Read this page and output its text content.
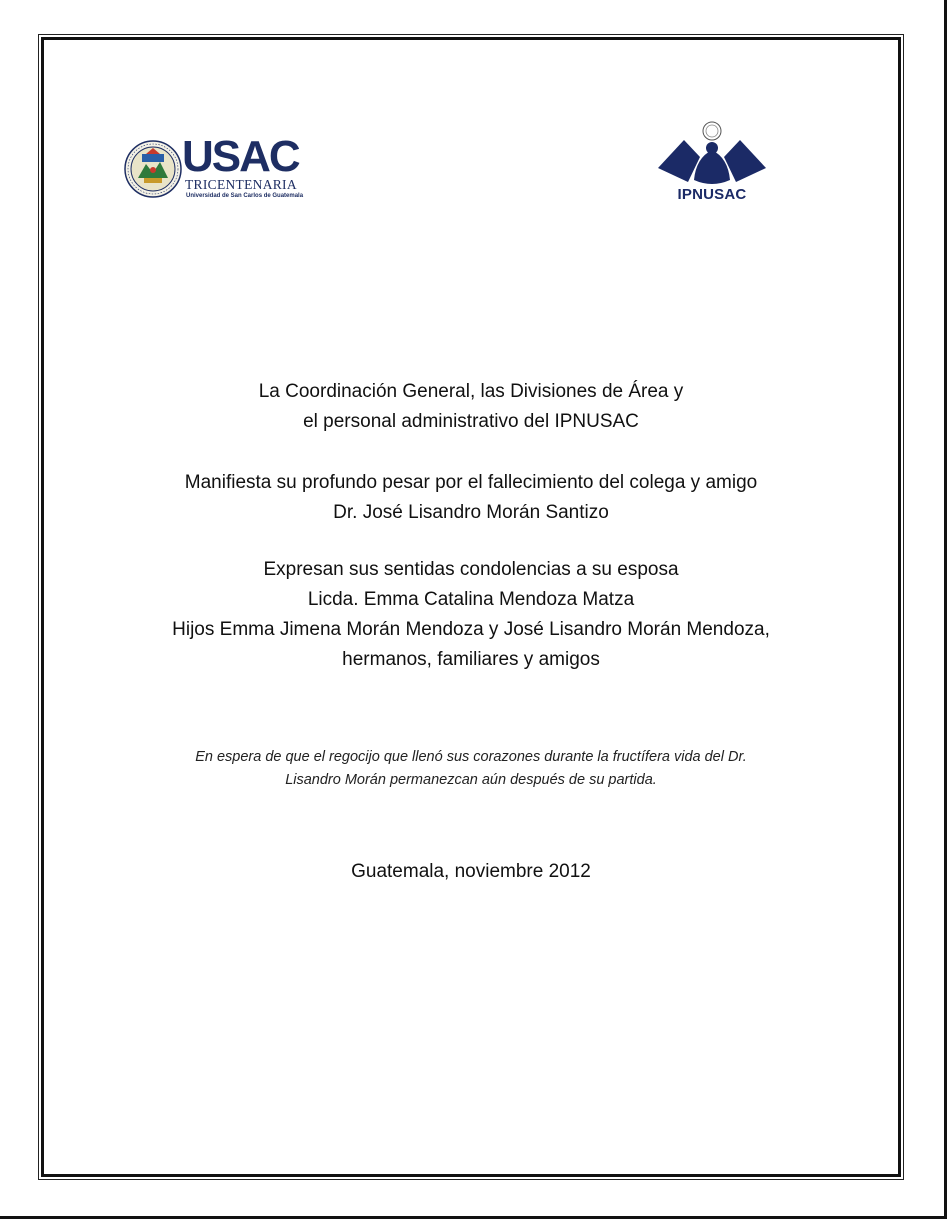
USAC
TRICENTENARIA
Universidad de San Carlos de Guatemala	IPNUSAC
La Coordinación General, las Divisiones de Área y
el personal administrativo del IPNUSAC
Manifiesta su profundo pesar por el fallecimiento del colega y amigo
Dr. José Lisandro Morán Santizo
Expresan sus sentidas condolencias a su esposa
Licda. Emma Catalina Mendoza Matza
Hijos Emma Jimena Morán Mendoza y José Lisandro Morán Mendoza,
hermanos, familiares y amigos
En espera de que el regocijo que llenó sus corazones durante la fructífera vida del Dr.
Lisandro Morán permanezcan aún después de su partida.
Guatemala, noviembre 2012
